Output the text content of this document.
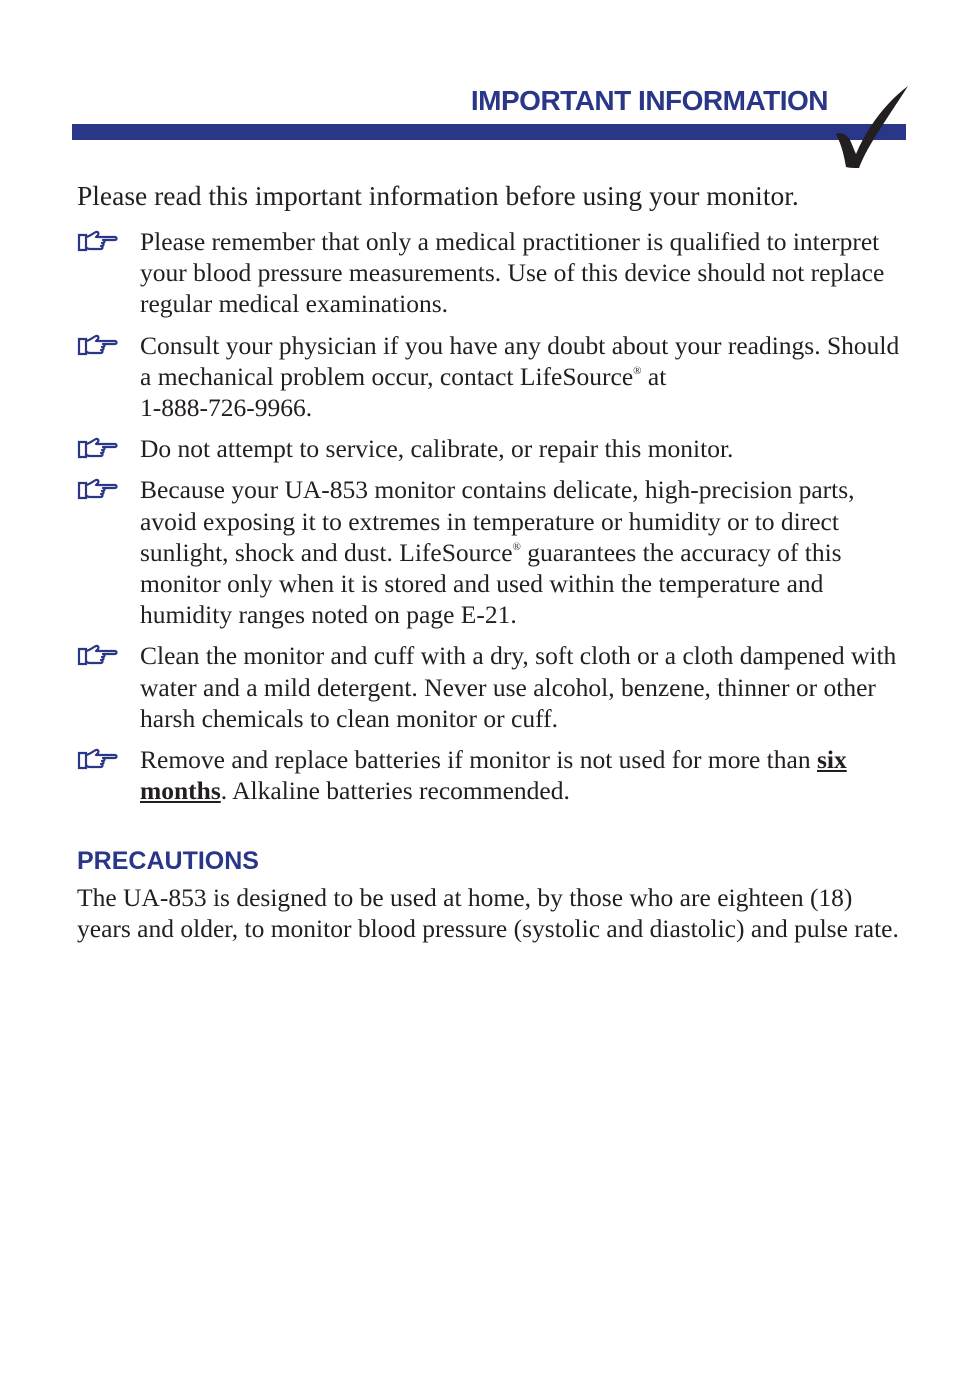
IMPORTANT INFORMATION
Please read this important information before using your monitor.
Please remember that only a medical practitioner is qualified to interpret your blood pressure measurements. Use of this device should not replace regular medical examinations.
Consult your physician if you have any doubt about your readings. Should a mechanical problem occur, contact LifeSource® at
1-888-726-9966.
Do not attempt to service, calibrate, or repair this monitor.
Because your UA-853 monitor contains delicate, high-precision parts, avoid exposing it to extremes in temperature or humidity or to direct sunlight, shock and dust. LifeSource® guarantees the accuracy of this monitor only when it is stored and used within the temperature and humidity ranges noted on page E-21.
Clean the monitor and cuff with a dry, soft cloth or a cloth dampened with water and a mild detergent. Never use alcohol, benzene, thinner or other harsh chemicals to clean monitor or cuff.
Remove and replace batteries if monitor is not used for more than six months. Alkaline batteries recommended.
PRECAUTIONS
The UA-853 is designed to be used at home, by those who are eighteen (18) years and older, to monitor blood pressure (systolic and diastolic) and pulse rate.
